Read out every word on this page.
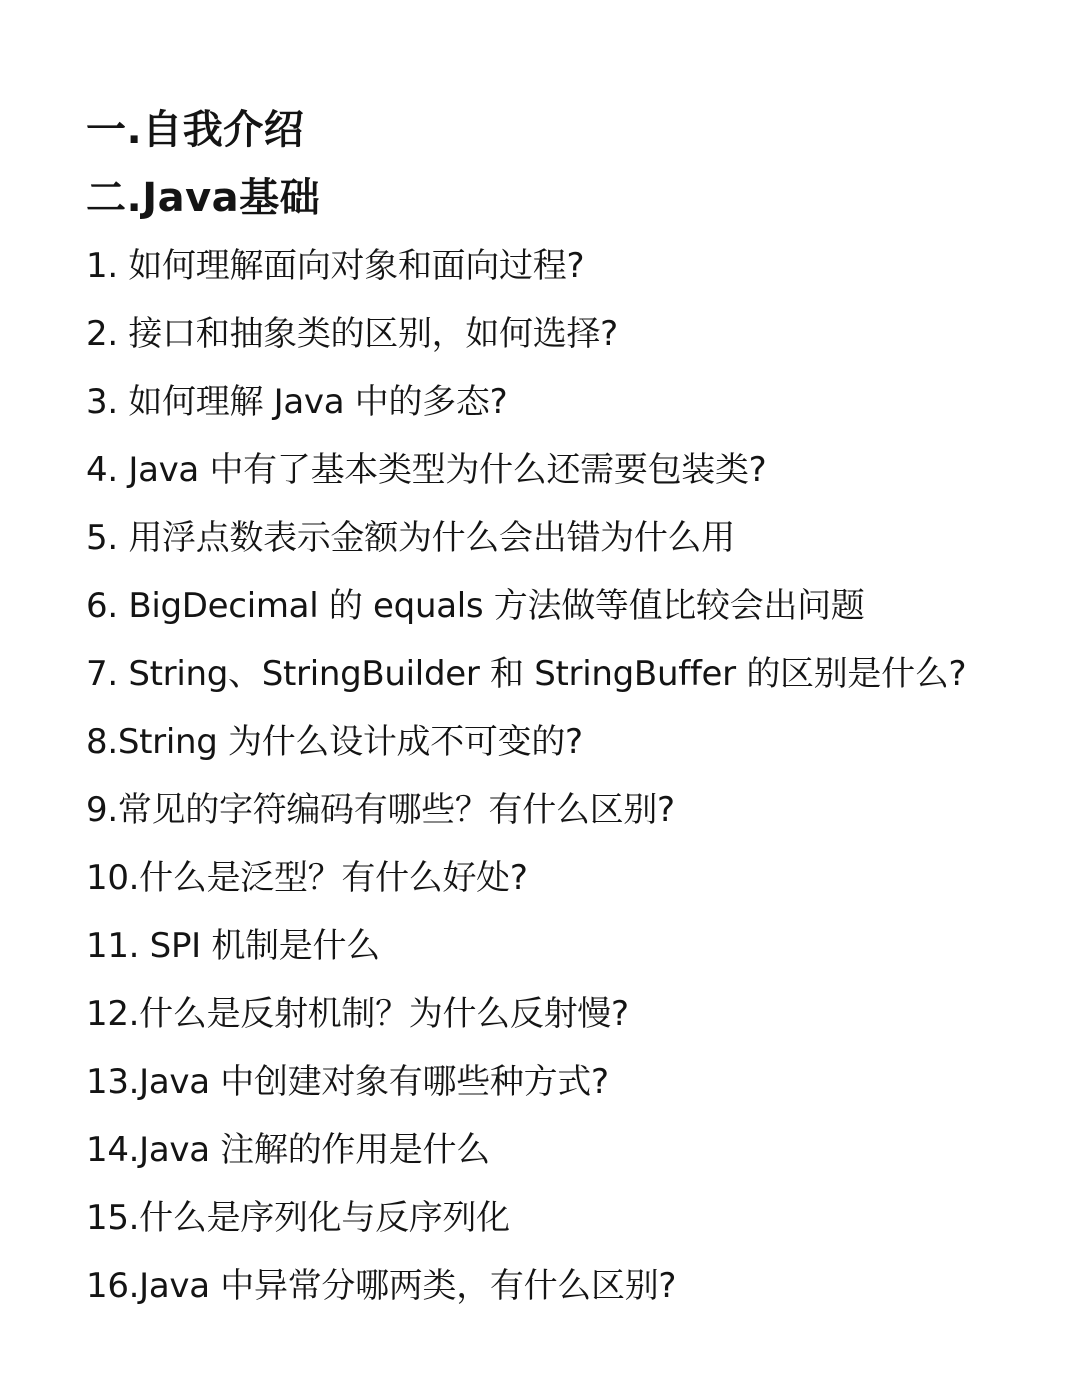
一.自我介绍
二.Java基础
1. 如何理解面向对象和面向过程?
2. 接口和抽象类的区别，如何选择?
3. 如何理解 Java 中的多态?
4. Java 中有了基本类型为什么还需要包装类?
5. 用浮点数表示金额为什么会出错为什么用
6. BigDecimal 的 equals 方法做等值比较会出问题
7. String、StringBuilder 和 StringBuffer 的区别是什么?
8.String 为什么设计成不可变的?
9.常见的字符编码有哪些？有什么区别?
10.什么是泛型？有什么好处?
11. SPI 机制是什么
12.什么是反射机制？为什么反射慢?
13.Java 中创建对象有哪些种方式?
14.Java 注解的作用是什么
15.什么是序列化与反序列化
16.Java 中异常分哪两类，有什么区别?
